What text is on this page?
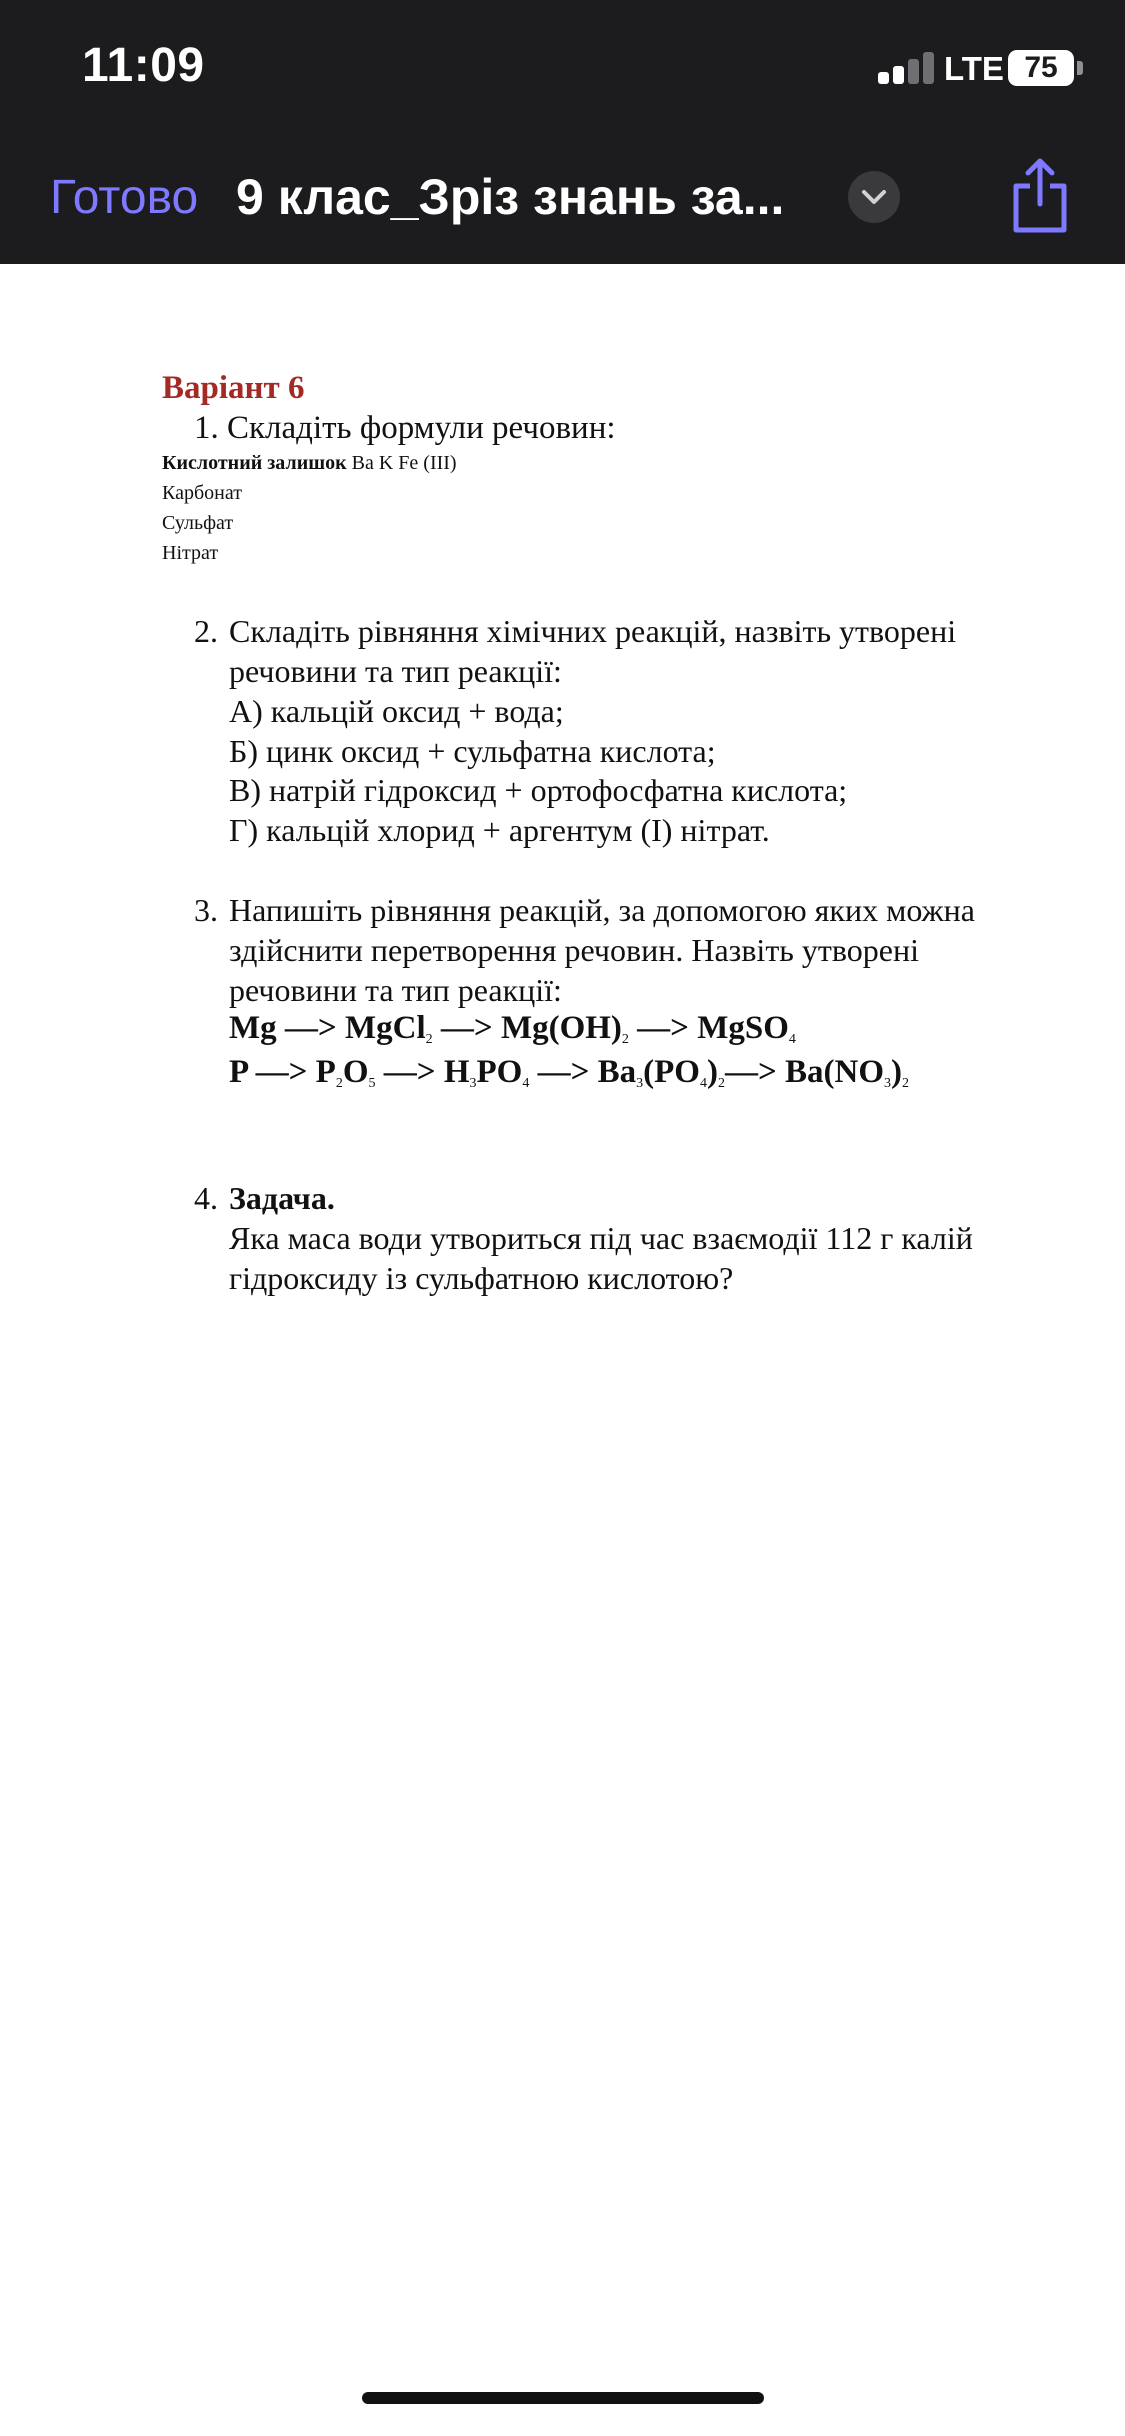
11:09	LTE 75
Готово 9 клас_Зріз знань за...
Варіант 6
1. Складіть формули речовин:
Кислотний залишок Ba K Fe (III)
Карбонат
Сульфат
Нітрат
2. Складіть рівняння хімічних реакцій, назвіть утворені
речовини та тип реакції:
А) кальцій оксид + вода;
Б) цинк оксид + сульфатна кислота;
В) натрій гідроксид + ортофосфатна кислота;
Г) кальцій хлорид + аргентум (I) нітрат.
3. Напишіть рівняння реакцій, за допомогою яких можна
здійснити перетворення речовин. Назвіть утворені
речовини та тип реакції:
Mg —> MgCl$_2$ —> $Mg(OH)_2$ —> MgSO$_4$
P —> $P_2O_5$ —> $H_3PO_4$ —> $Ba_3(PO_4)_2—> Ba(NO_3)_2$
4. Задача.
Яка маса води утвориться під час взаємодії 112 г калій
гідроксиду із сульфатною кислотою?
